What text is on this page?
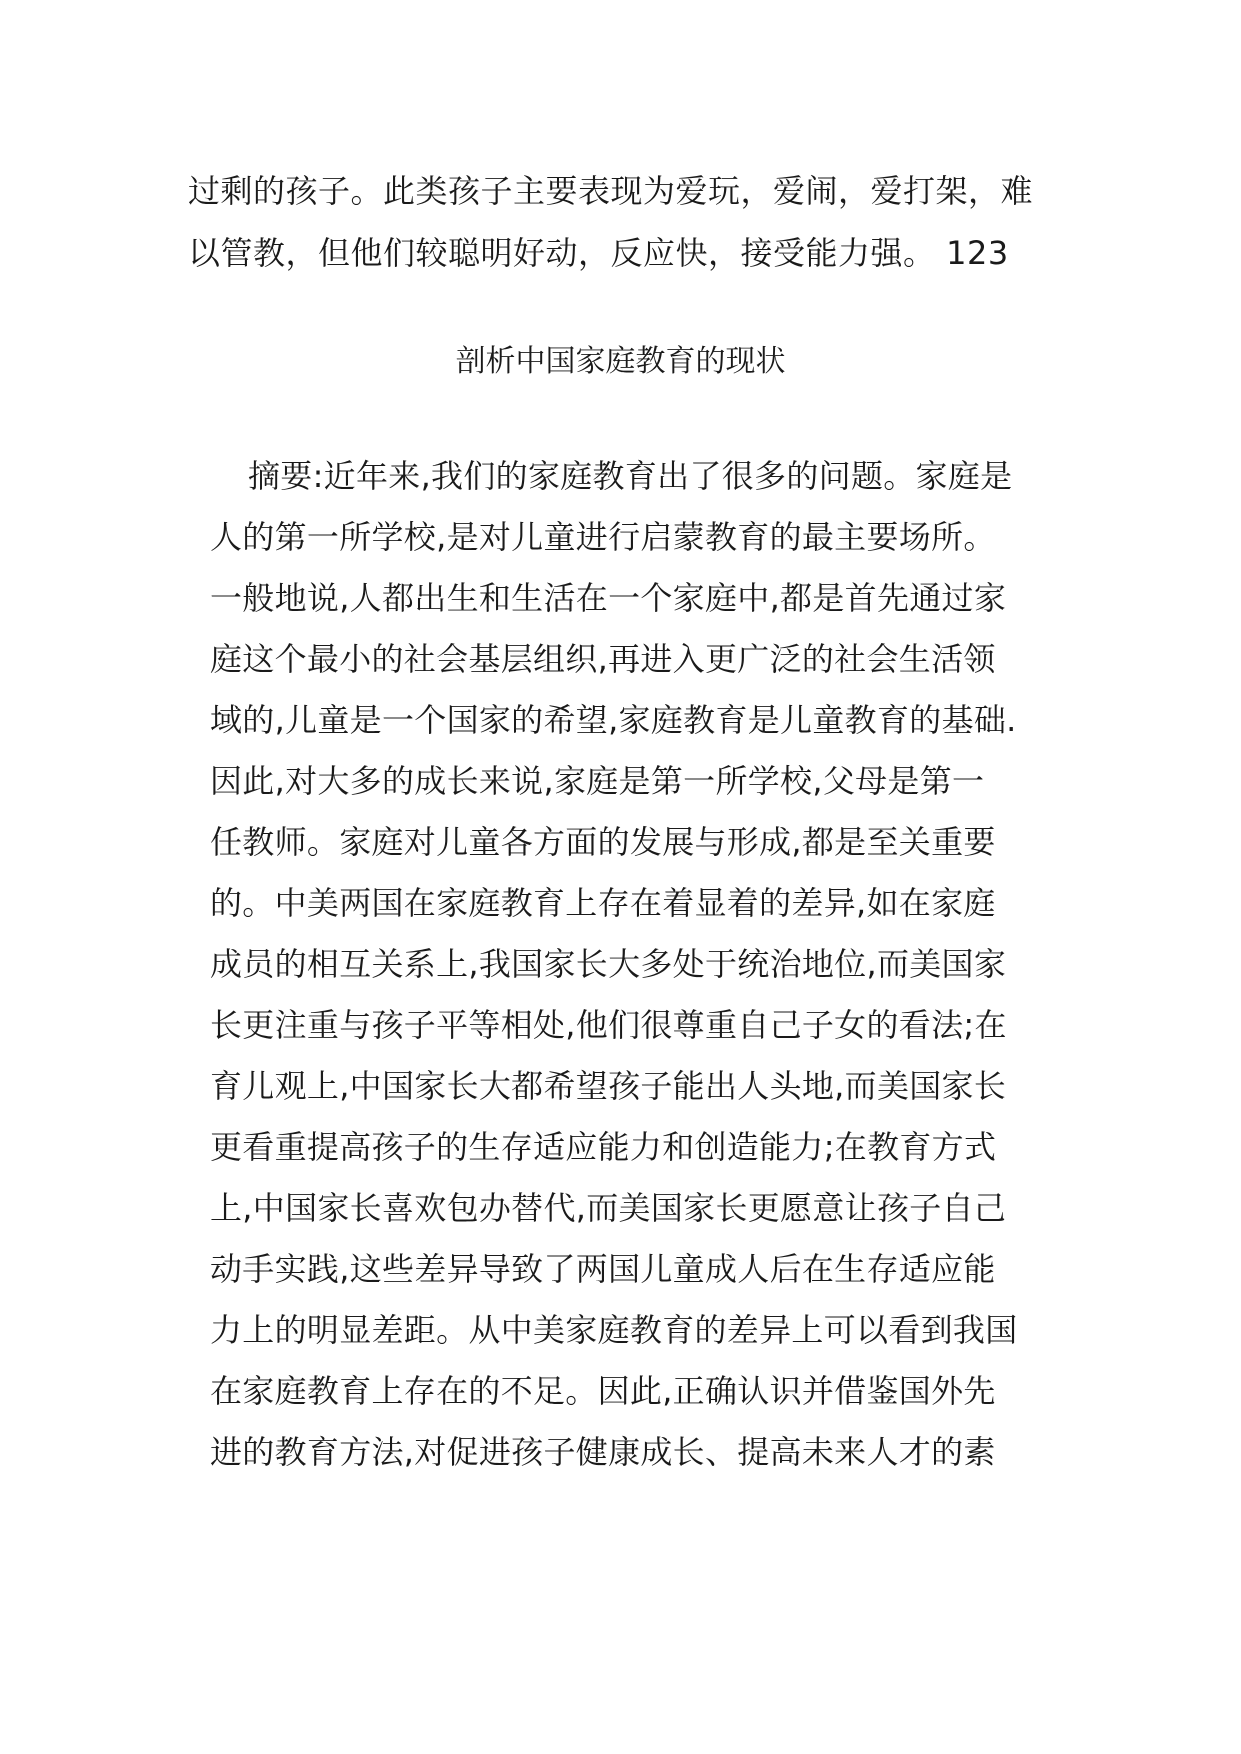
过剩的孩子。此类孩子主要表现为爱玩，爱闹，爱打架，难
以管教，但他们较聪明好动，反应快，接受能力强。 123
剖析中国家庭教育的现状
摘要:近年来,我们的家庭教育出了很多的问题。家庭是
人的第一所学校,是对儿童进行启蒙教育的最主要场所。
一般地说,人都出生和生活在一个家庭中,都是首先通过家
庭这个最小的社会基层组织,再进入更广泛的社会生活领
域的,儿童是一个国家的希望,家庭教育是儿童教育的基础.
因此,对大多的成长来说,家庭是第一所学校,父母是第一
任教师。家庭对儿童各方面的发展与形成,都是至关重要
的。中美两国在家庭教育上存在着显着的差异,如在家庭
成员的相互关系上,我国家长大多处于统治地位,而美国家
长更注重与孩子平等相处,他们很尊重自己子女的看法;在
育儿观上,中国家长大都希望孩子能出人头地,而美国家长
更看重提高孩子的生存适应能力和创造能力;在教育方式
上,中国家长喜欢包办替代,而美国家长更愿意让孩子自己
动手实践,这些差异导致了两国儿童成人后在生存适应能
力上的明显差距。从中美家庭教育的差异上可以看到我国
在家庭教育上存在的不足。因此,正确认识并借鉴国外先
进的教育方法,对促进孩子健康成长、提高未来人才的素
